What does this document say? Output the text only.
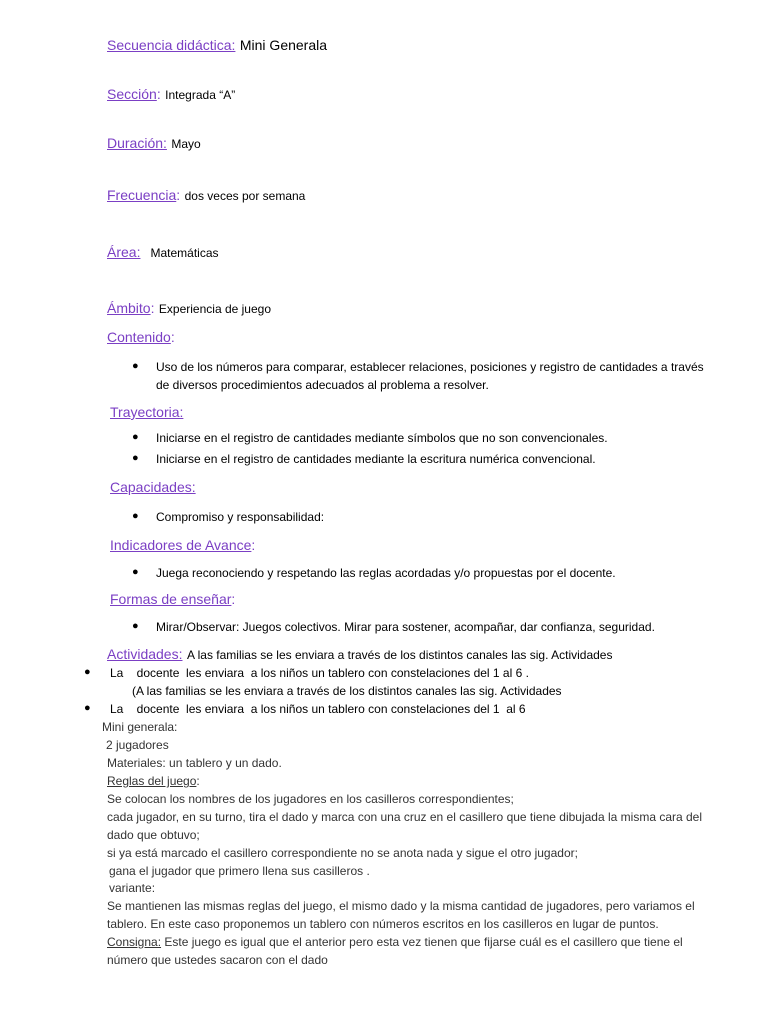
Secuencia didáctica: Mini Generala
Sección: Integrada “A”
Duración: Mayo
Frecuencia: dos veces por semana
Área: Matemáticas
Ámbito: Experiencia de juego
Contenido:
● Uso de los números para comparar, establecer relaciones, posiciones y registro de cantidades a través
de diversos procedimientos adecuados al problema a resolver.
Trayectoria:
● Iniciarse en el registro de cantidades mediante símbolos que no son convencionales.
● Iniciarse en el registro de cantidades mediante la escritura numérica convencional.
Capacidades:
● Compromiso y responsabilidad:
Indicadores de Avance:
● Juega reconociendo y respetando las reglas acordadas y/o propuestas por el docente.
Formas de enseñar:
● Mirar/Observar: Juegos colectivos. Mirar para sostener, acompañar, dar confianza, seguridad.
Actividades: A las familias se les enviara a través de los distintos canales las sig. Actividades
● La    docente  les enviara  a los niños un tablero con constelaciones del 1 al 6 .
(A las familias se les enviara a través de los distintos canales las sig. Actividades
● La    docente  les enviara  a los niños un tablero con constelaciones del 1  al 6
Mini generala:
2 jugadores
Materiales: un tablero y un dado.
Reglas del juego:
Se colocan los nombres de los jugadores en los casilleros correspondientes;
cada jugador, en su turno, tira el dado y marca con una cruz en el casillero que tiene dibujada la misma cara del
dado que obtuvo;
si ya está marcado el casillero correspondiente no se anota nada y sigue el otro jugador;
gana el jugador que primero llena sus casilleros .
variante:
Se mantienen las mismas reglas del juego, el mismo dado y la misma cantidad de jugadores, pero variamos el
tablero. En este caso proponemos un tablero con números escritos en los casilleros en lugar de puntos.
Consigna: Este juego es igual que el anterior pero esta vez tienen que fijarse cuál es el casillero que tiene el
número que ustedes sacaron con el dado
